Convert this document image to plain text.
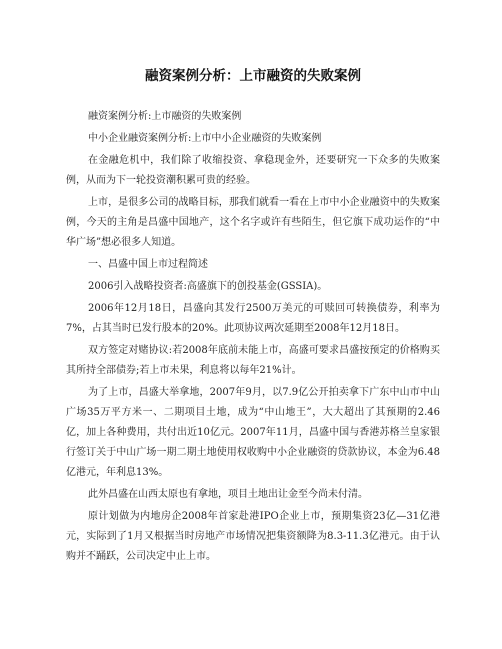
融资案例分析：上市融资的失败案例

融资案例分析:上市融资的失败案例

中小企业融资案例分析:上市中小企业融资的失败案例

在金融危机中，我们除了收缩投资、拿稳现金外，还要研究一下众多的失败案例，从而为下一轮投资潮积累可贵的经验。

上市，是很多公司的战略目标，那我们就看一看在上市中小企业融资中的失败案例，今天的主角是昌盛中国地产，这个名字或许有些陌生，但它旗下成功运作的“中华广场”想必很多人知道。

一、昌盛中国上市过程简述

2006引入战略投资者:高盛旗下的创投基金(GSSIA)。

2006年12月18日，昌盛向其发行2500万美元的可赎回可转换债券，利率为7%，占其当时已发行股本的20%。此项协议两次延期至2008年12月18日。

双方签定对赌协议:若2008年底前未能上市，高盛可要求昌盛按预定的价格购买其所持全部债券;若上市未果，利息将以每年21%计。

为了上市，昌盛大举拿地，2007年9月，以7.9亿公开拍卖拿下广东中山市中山广场35万平方米一、二期项目土地，成为“中山地王”，大大超出了其预期的2.46亿，加上各种费用，共付出近10亿元。2007年11月，昌盛中国与香港苏格兰皇家银行签订关于中山广场一期二期土地使用权收购中小企业融资的贷款协议，本金为6.48亿港元，年利息13%。

此外昌盛在山西太原也有拿地，项目土地出让金至今尚未付清。

原计划做为内地房企2008年首家赴港IPO企业上市，预期集资23亿—31亿港元，实际到了1月又根据当时房地产市场情况把集资额降为8.3-11.3亿港元。由于认购并不踊跃，公司决定中止上市。
